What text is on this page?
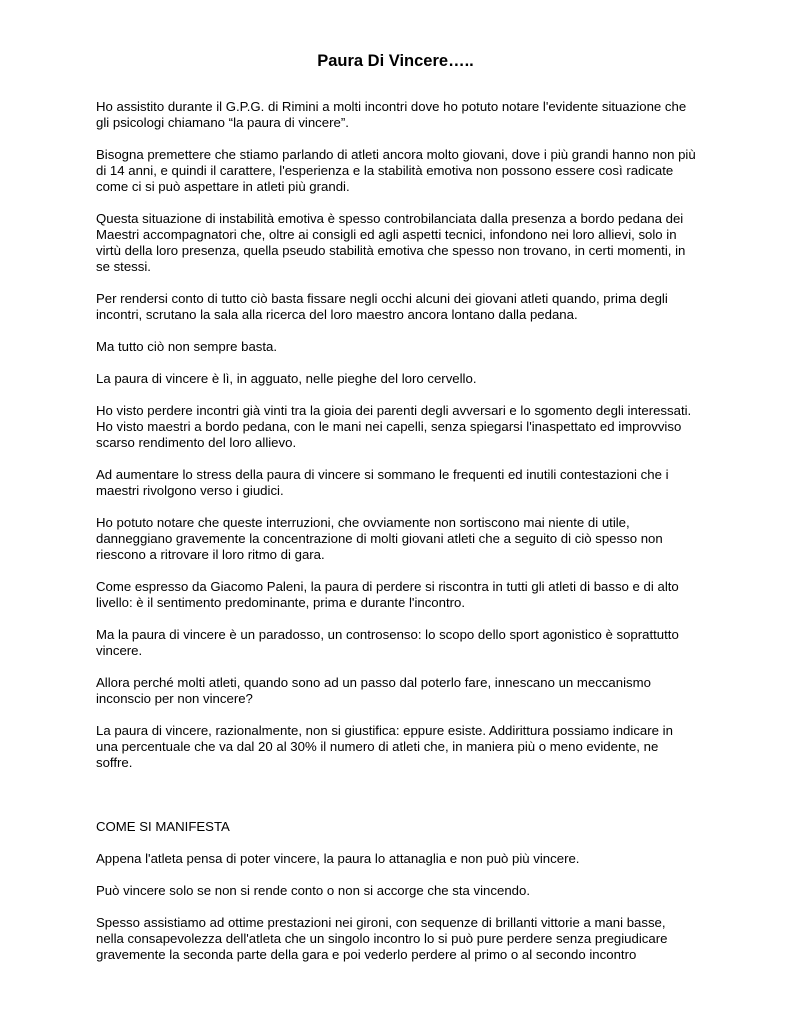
Paura Di Vincere…..

Ho assistito durante il G.P.G. di Rimini a molti incontri dove ho potuto notare l'evidente situazione che gli psicologi chiamano “la paura di vincere”.

Bisogna premettere che stiamo parlando di atleti ancora molto giovani, dove i più grandi hanno non più di 14 anni, e quindi il carattere, l'esperienza e la stabilità emotiva non possono essere così radicate come ci si può aspettare in atleti più grandi.

Questa situazione di instabilità emotiva è spesso controbilanciata dalla presenza a bordo pedana dei Maestri accompagnatori che, oltre ai consigli ed agli aspetti tecnici, infondono nei loro allievi, solo in virtù della loro presenza, quella pseudo stabilità emotiva che spesso non trovano, in certi momenti, in se stessi.

Per rendersi conto di tutto ciò basta fissare negli occhi alcuni dei giovani atleti quando, prima degli incontri, scrutano la sala alla ricerca del loro maestro ancora lontano dalla pedana.

Ma tutto ciò non sempre basta.

La paura di vincere è lì, in agguato, nelle pieghe del loro cervello.

Ho visto perdere incontri già vinti tra la gioia dei parenti degli avversari e lo sgomento degli interessati. Ho visto maestri a bordo pedana, con le mani nei capelli, senza spiegarsi l'inaspettato ed improvviso scarso rendimento del loro allievo.

Ad aumentare lo stress della paura di vincere si sommano le frequenti ed inutili contestazioni che i maestri rivolgono verso i giudici.

Ho potuto notare che queste interruzioni, che ovviamente non sortiscono mai niente di utile, danneggiano gravemente la concentrazione di molti giovani atleti che a seguito di ciò spesso non riescono a ritrovare il loro ritmo di gara.

Come espresso da Giacomo Paleni, la paura di perdere si riscontra in tutti gli atleti di basso e di alto livello: è il sentimento predominante, prima e durante l'incontro.

Ma la paura di vincere è un paradosso, un controsenso: lo scopo dello sport agonistico è soprattutto vincere.

Allora perché molti atleti, quando sono ad un passo dal poterlo fare, innescano un meccanismo inconscio per non vincere?

La paura di vincere, razionalmente, non si giustifica: eppure esiste. Addirittura possiamo indicare in una percentuale che va dal 20 al 30% il numero di atleti che, in maniera più o meno evidente, ne soffre.

COME SI MANIFESTA

Appena l'atleta pensa di poter vincere, la paura lo attanaglia e non può più vincere.

Può vincere solo se non si rende conto o non si accorge che sta vincendo.

Spesso assistiamo ad ottime prestazioni nei gironi, con sequenze di brillanti vittorie a mani basse, nella consapevolezza dell'atleta che un singolo incontro lo si può pure perdere senza pregiudicare gravemente la seconda parte della gara e poi vederlo perdere al primo o al secondo incontro
